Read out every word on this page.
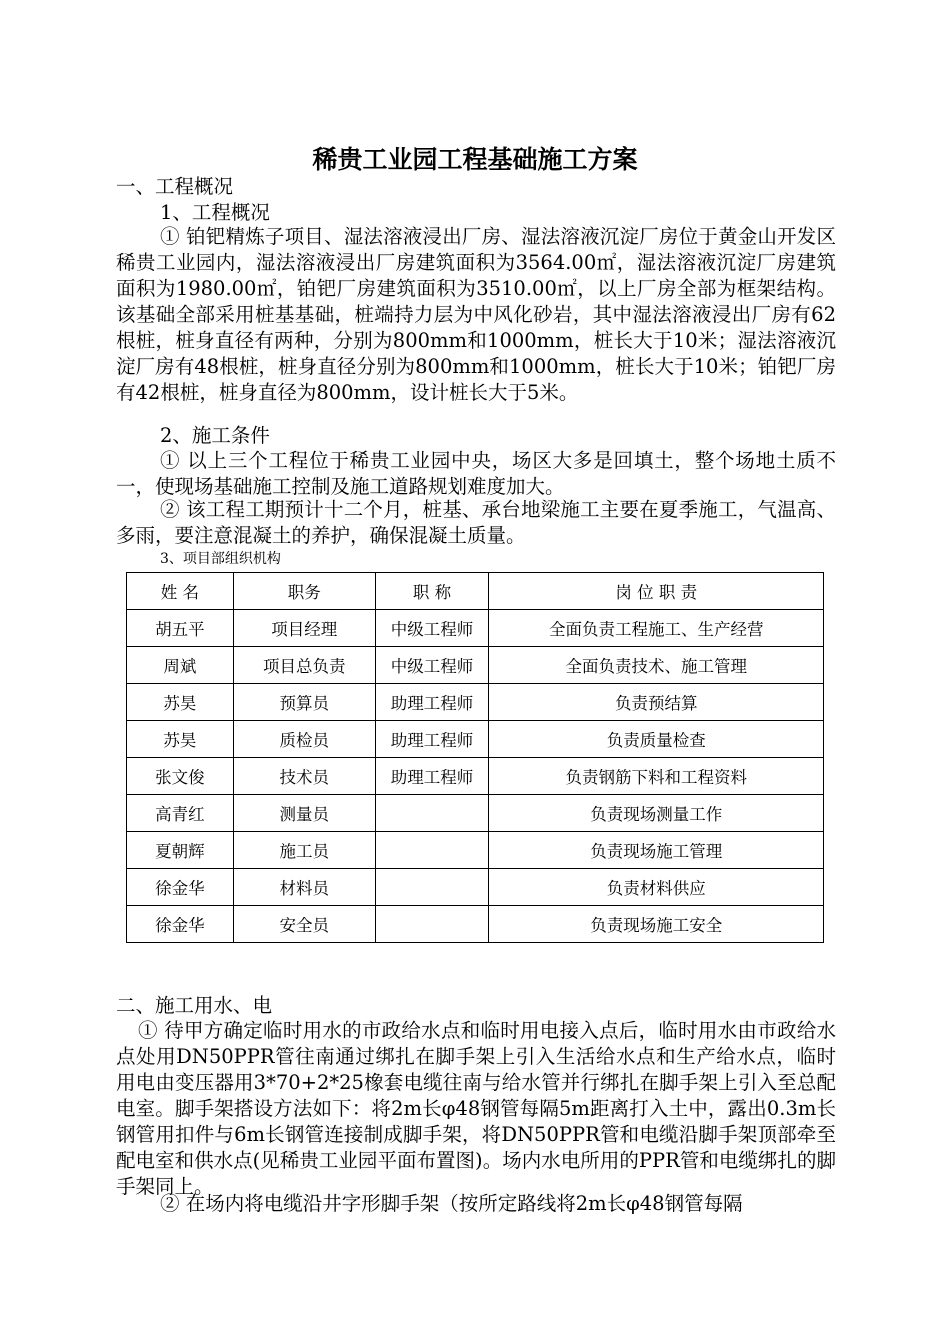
稀贵工业园工程基础施工方案
一、工程概况
1、工程概况
① 铂钯精炼子项目、湿法溶液浸出厂房、湿法溶液沉淀厂房位于黄金山开发区稀贵工业园内，湿法溶液浸出厂房建筑面积为3564.00㎡，湿法溶液沉淀厂房建筑面积为1980.00㎡，铂钯厂房建筑面积为3510.00㎡，以上厂房全部为框架结构。该基础全部采用桩基基础，桩端持力层为中风化砂岩，其中湿法溶液浸出厂房有62根桩，桩身直径有两种，分别为800mm和1000mm，桩长大于10米；湿法溶液沉淀厂房有48根桩，桩身直径分别为800mm和1000mm，桩长大于10米；铂钯厂房有42根桩，桩身直径为800mm，设计桩长大于5米。
2、施工条件
① 以上三个工程位于稀贵工业园中央，场区大多是回填土，整个场地土质不一，使现场基础施工控制及施工道路规划难度加大。
② 该工程工期预计十二个月，桩基、承台地梁施工主要在夏季施工，气温高、多雨，要注意混凝土的养护，确保混凝土质量。
3、项目部组织机构
姓 名	职务	职 称	岗 位 职 责
胡五平	项目经理	中级工程师	全面负责工程施工、生产经营
周斌	项目总负责	中级工程师	全面负责技术、施工管理
苏昊	预算员	助理工程师	负责预结算
苏昊	质检员	助理工程师	负责质量检查
张文俊	技术员	助理工程师	负责钢筋下料和工程资料
高青红	测量员		负责现场测量工作
夏朝辉	施工员		负责现场施工管理
徐金华	材料员		负责材料供应
徐金华	安全员		负责现场施工安全
二、施工用水、电
① 待甲方确定临时用水的市政给水点和临时用电接入点后，临时用水由市政给水点处用DN50PPR管往南通过绑扎在脚手架上引入生活给水点和生产给水点，临时用电由变压器用3*70+2*25橡套电缆往南与给水管并行绑扎在脚手架上引入至总配电室。脚手架搭设方法如下：将2m长φ48钢管每隔5m距离打入土中，露出0.3m长钢管用扣件与6m长钢管连接制成脚手架，将DN50PPR管和电缆沿脚手架顶部牵至配电室和供水点(见稀贵工业园平面布置图)。场内水电所用的PPR管和电缆绑扎的脚手架同上。
② 在场内将电缆沿井字形脚手架（按所定路线将2m长φ48钢管每隔
